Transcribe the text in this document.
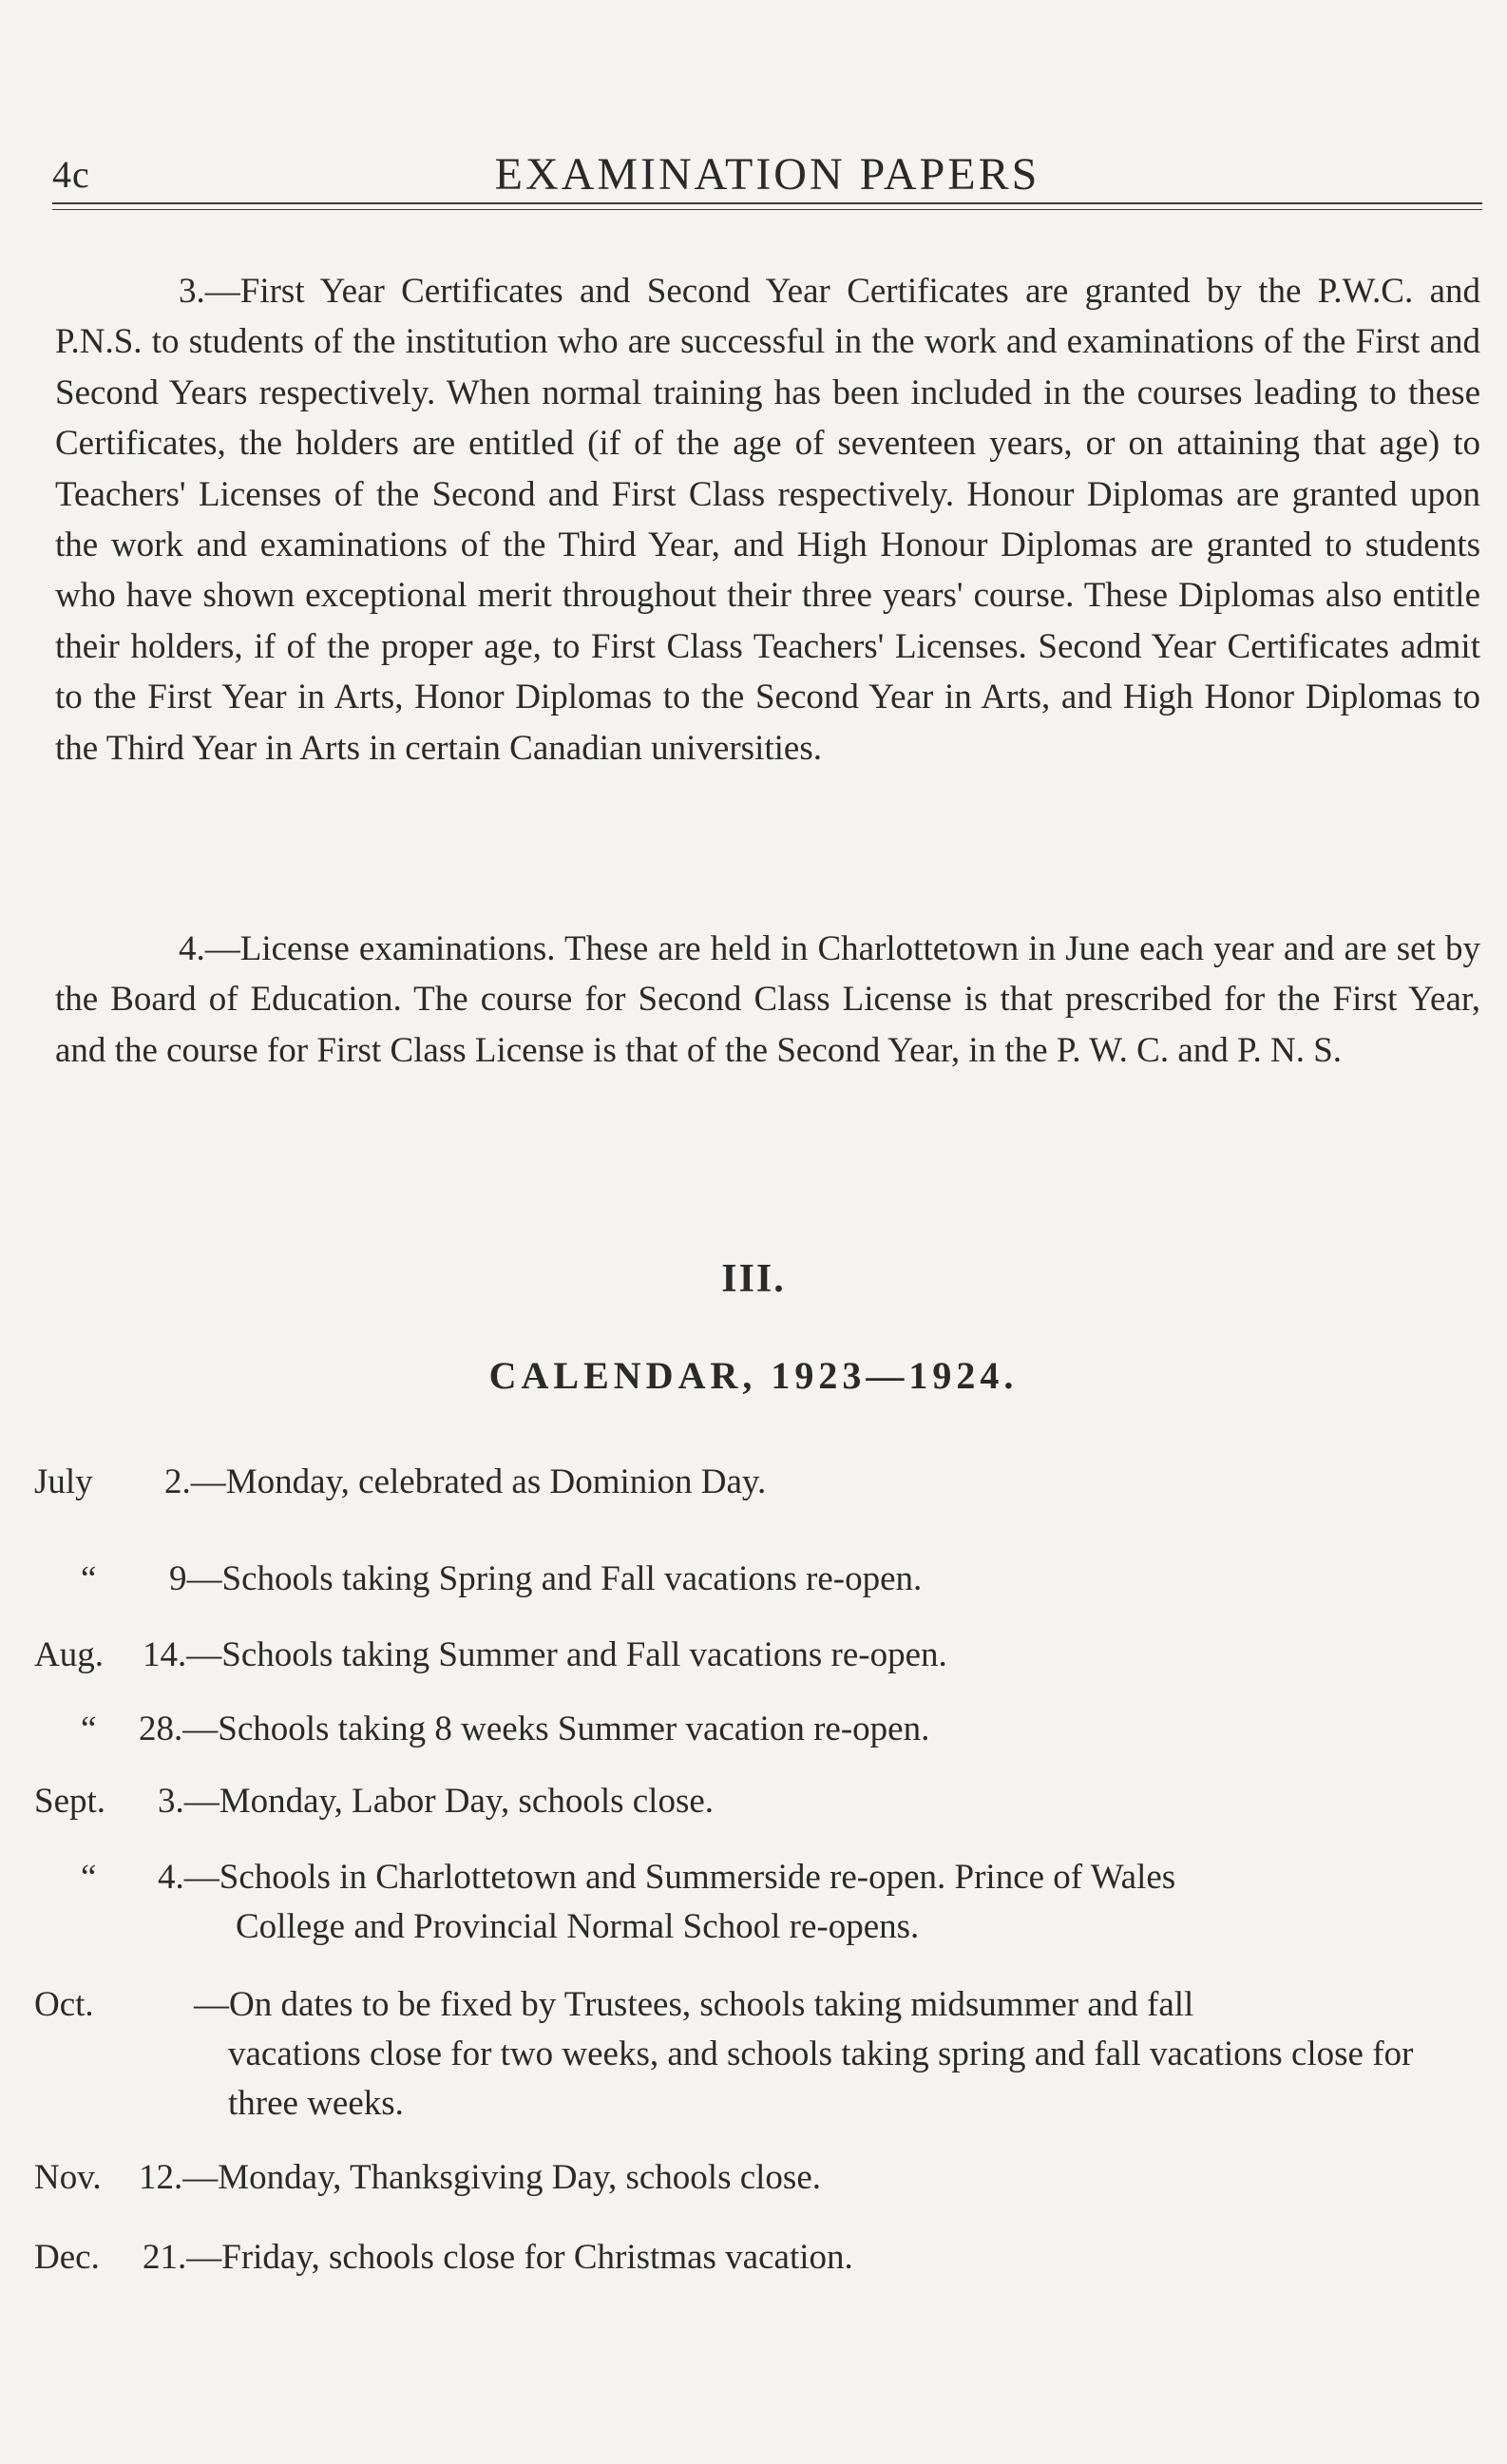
4c	EXAMINATION PAPERS

3.—First Year Certificates and Second Year Certificates are granted by the P.W.C. and P.N.S. to students of the institution who are successful in the work and examinations of the First and Second Years respectively. When normal training has been included in the courses leading to these Certificates, the holders are entitled (if of the age of seventeen years, or on attaining that age) to Teachers' Licenses of the Second and First Class respectively. Honour Diplomas are granted upon the work and examinations of the Third Year, and High Honour Diplomas are granted to students who have shown exceptional merit throughout their three years' course. These Diplomas also entitle their holders, if of the proper age, to First Class Teachers' Licenses. Second Year Certificates admit to the First Year in Arts, Honor Diplomas to the Second Year in Arts, and High Honor Diplomas to the Third Year in Arts in certain Canadian universities.

4.—License examinations. These are held in Charlottetown in June each year and are set by the Board of Education. The course for Second Class License is that prescribed for the First Year, and the course for First Class License is that of the Second Year, in the P. W. C. and P. N. S.

III.
CALENDAR, 1923—1924.
July 2.—Monday, celebrated as Dominion Day.
“ 9—Schools taking Spring and Fall vacations re-open.
Aug. 14.—Schools taking Summer and Fall vacations re-open.
“ 28.—Schools taking 8 weeks Summer vacation re-open.
Sept. 3.—Monday, Labor Day, schools close.
“ 4.—Schools in Charlottetown and Summerside re-open. Prince of Wales
College and Provincial Normal School re-opens.
Oct.	—On dates to be fixed by Trustees, schools taking midsummer and fall
vacations close for two weeks, and schools taking spring and fall vacations close for three weeks.
Nov. 12.—Monday, Thanksgiving Day, schools close.
Dec. 21.—Friday, schools close for Christmas vacation.
